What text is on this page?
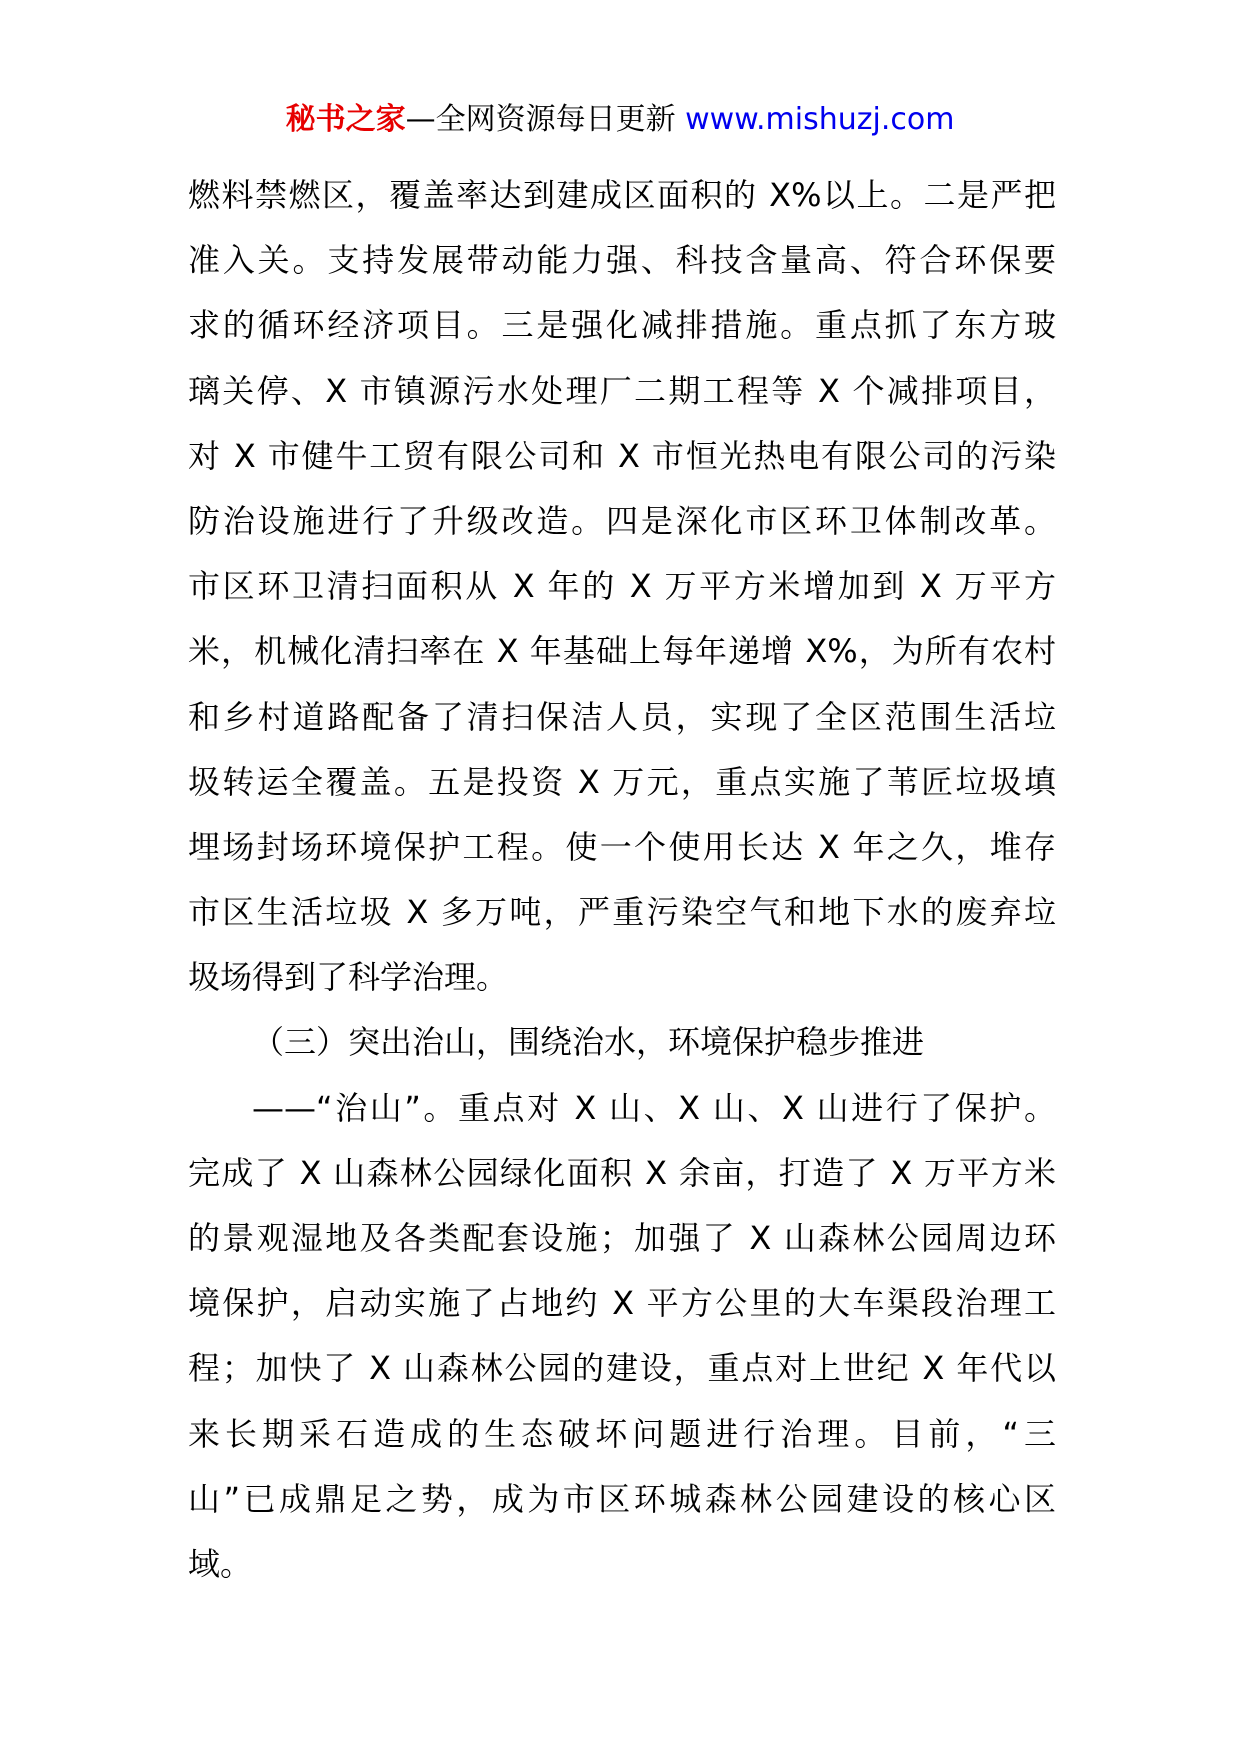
秘书之家—全网资源每日更新 www.mishuzj.com
燃料禁燃区，覆盖率达到建成区面积的 X%以上。二是严把
准入关。支持发展带动能力强、科技含量高、符合环保要
求的循环经济项目。三是强化减排措施。重点抓了东方玻
璃关停、X 市镇源污水处理厂二期工程等 X 个减排项目，
对 X 市健牛工贸有限公司和 X 市恒光热电有限公司的污染
防治设施进行了升级改造。四是深化市区环卫体制改革。
市区环卫清扫面积从 X 年的 X 万平方米增加到 X 万平方
米，机械化清扫率在 X 年基础上每年递增 X%，为所有农村
和乡村道路配备了清扫保洁人员，实现了全区范围生活垃
圾转运全覆盖。五是投资 X 万元，重点实施了苇匠垃圾填
埋场封场环境保护工程。使一个使用长达 X 年之久，堆存
市区生活垃圾 X 多万吨，严重污染空气和地下水的废弃垃
圾场得到了科学治理。
（三）突出治山，围绕治水，环境保护稳步推进
——“治山”。重点对 X 山、X 山、X 山进行了保护。
完成了 X 山森林公园绿化面积 X 余亩，打造了 X 万平方米
的景观湿地及各类配套设施；加强了 X 山森林公园周边环
境保护，启动实施了占地约 X 平方公里的大车渠段治理工
程；加快了 X 山森林公园的建设，重点对上世纪 X 年代以
来长期采石造成的生态破坏问题进行治理。目前，“三
山”已成鼎足之势，成为市区环城森林公园建设的核心区
域。
